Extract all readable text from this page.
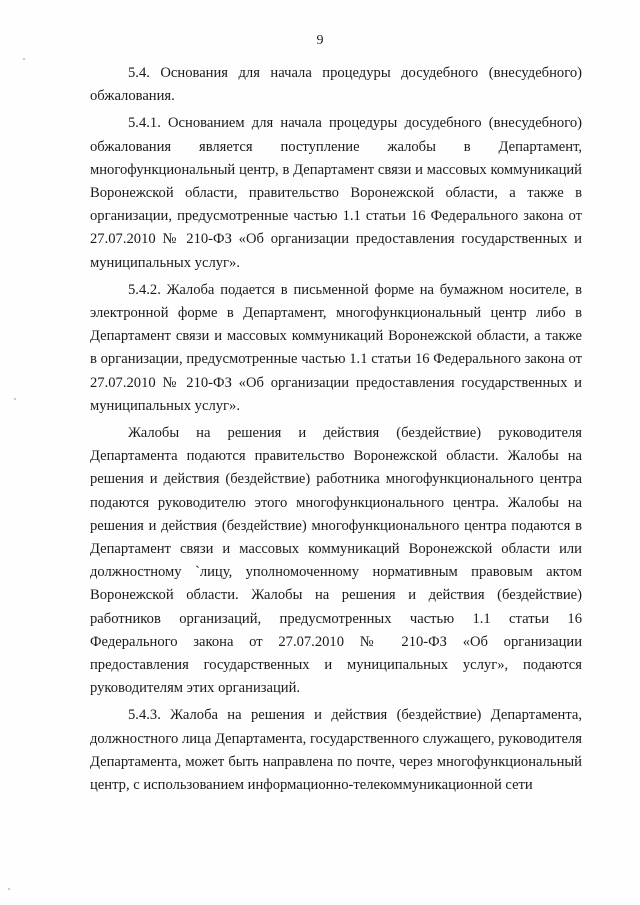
9

5.4. Основания для начала процедуры досудебного (внесудебного) обжалования.

5.4.1. Основанием для начала процедуры досудебного (внесудебного) обжалования является поступление жалобы в Департамент, многофункциональный центр, в Департамент связи и массовых коммуникаций Воронежской области, правительство Воронежской области, а также в организации, предусмотренные частью 1.1 статьи 16 Федерального закона от 27.07.2010 № 210-ФЗ «Об организации предоставления государственных и муниципальных услуг».

5.4.2. Жалоба подается в письменной форме на бумажном носителе, в электронной форме в Департамент, многофункциональный центр либо в Департамент связи и массовых коммуникаций Воронежской области, а также в организации, предусмотренные частью 1.1 статьи 16 Федерального закона от 27.07.2010 № 210-ФЗ «Об организации предоставления государственных и муниципальных услуг».

Жалобы на решения и действия (бездействие) руководителя Департамента подаются правительство Воронежской области. Жалобы на решения и действия (бездействие) работника многофункционального центра подаются руководителю этого многофункционального центра. Жалобы на решения и действия (бездействие) многофункционального центра подаются в Департамент связи и массовых коммуникаций Воронежской области или должностному `лицу, уполномоченному нормативным правовым актом Воронежской области. Жалобы на решения и действия (бездействие) работников организаций, предусмотренных частью 1.1 статьи 16 Федерального закона от 27.07.2010 № 210-ФЗ «Об организации предоставления государственных и муниципальных услуг», подаются руководителям этих организаций.

5.4.3. Жалоба на решения и действия (бездействие) Департамента, должностного лица Департамента, государственного служащего, руководителя Департамента, может быть направлена по почте, через многофункциональный центр, с использованием информационно-телекоммуникационной сети
